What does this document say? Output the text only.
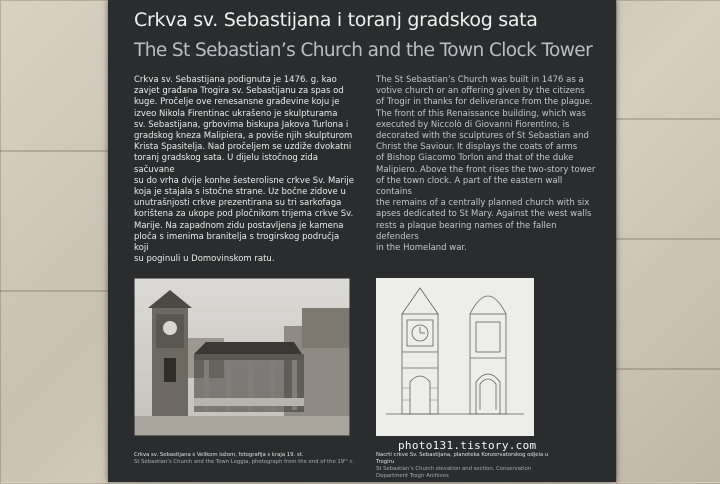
Crkva sv. Sebastijana i toranj gradskog sata
The St Sebastian’s Church and the Town Clock Tower
Crkva sv. Sebastijana podignuta je 1476. g. kao
zavjet građana Trogira sv. Sebastijanu za spas od
kuge. Pročelje ove renesansne građevine koju je
izveo Nikola Firentinac ukrašeno je skulpturama
sv. Sebastijana, grbovima biskupa Jakova Turlona i
gradskog kneza Malipiera, a poviše njih skulpturom
Krista Spasitelja. Nad pročeljem se uzdiže dvokatni
toranj gradskog sata. U dijelu istočnog zida sačuvane
su do vrha dvije konhe šesterolisne crkve Sv. Marije
koja je stajala s istočne strane. Uz bočne zidove u
unutrašnjosti crkve prezentirana su tri sarkofaga
korištena za ukope pod pločnikom trijema crkve Sv.
Marije. Na zapadnom zidu postavljena je kamena
ploča s imenima branitelja s trogirskog područja koji
su poginuli u Domovinskom ratu.
The St Sebastian’s Church was built in 1476 as a
votive church or an offering given by the citizens
of Trogir in thanks for deliverance from the plague.
The front of this Renaissance building, which was
executed by Niccolò di Giovanni Fiorentino, is
decorated with the sculptures of St Sebastian and
Christ the Saviour. It displays the coats of arms
of Bishop Giacomo Torlon and that of the duke
Malipiero. Above the front rises the two-story tower
of the town clock. A part of the eastern wall contains
the remains of a centrally planned church with six
apses dedicated to St Mary. Against the west walls
rests a plaque bearing names of the fallen defenders
in the Homeland war.
Crkva sv. Sebastijana s Velikom ložom, fotografija s kraja 19. st.
St Sebastian’s Church and the Town Loggia, photograph from the end of the 19ᵗʰ c.
Nacrti crkve Sv. Sebastijana, planoteka Konzervatorskog odjela u
Trogiru
St Sebastian’s Church elevation and section, Conservation
Department Trogir Archives
photo131.tistory.com
